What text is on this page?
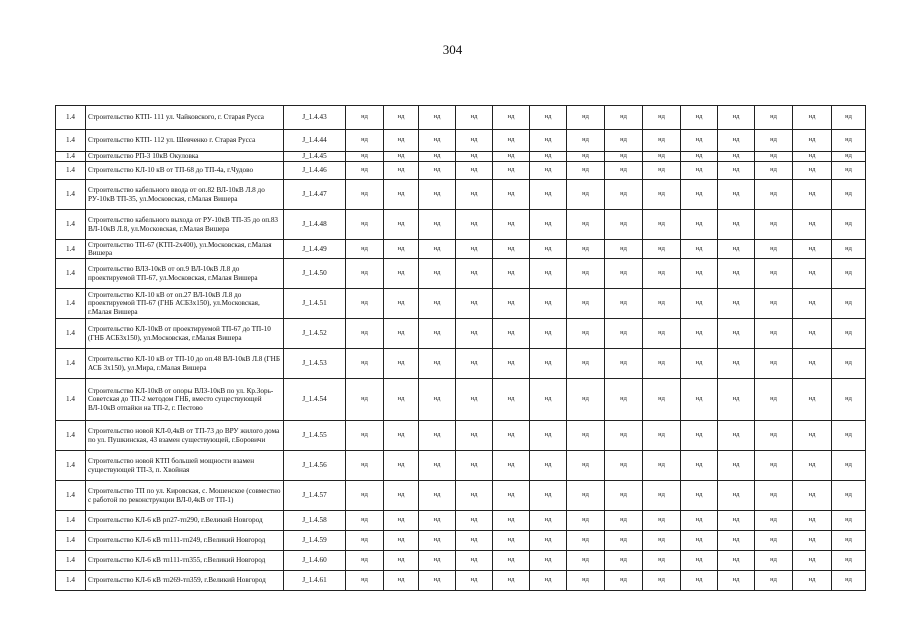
304
1.4	Строительство КТП- 111 ул. Чайковского, г. Старая Русса	J_1.4.43	нд	нд	нд	нд	нд	нд	нд	нд	нд	нд	нд	нд	нд	нд
1.4	Строительство КТП- 112 ул. Шевченко г. Старая Русса	J_1.4.44	нд	нд	нд	нд	нд	нд	нд	нд	нд	нд	нд	нд	нд	нд
1.4	Строительство РП-3 10кВ Окуловка	J_1.4.45	нд	нд	нд	нд	нд	нд	нд	нд	нд	нд	нд	нд	нд	нд
1.4	Строительство КЛ-10 кВ от ТП-68 до ТП-4а, г.Чудово	J_1.4.46	нд	нд	нд	нд	нд	нд	нд	нд	нд	нд	нд	нд	нд	нд
1.4	Строительство кабельного ввода от оп.82 ВЛ-10кВ Л.8 до РУ-10кВ ТП-35, ул.Московская, г.Малая Вишера	J_1.4.47	нд	нд	нд	нд	нд	нд	нд	нд	нд	нд	нд	нд	нд	нд
1.4	Строительство кабельного выхода от РУ-10кВ ТП-35 до оп.83 ВЛ-10кВ Л.8, ул.Московская, г.Малая Вишера	J_1.4.48	нд	нд	нд	нд	нд	нд	нд	нд	нд	нд	нд	нд	нд	нд
1.4	Строительство ТП-67 (КТП-2х400), ул.Московская, г.Малая Вишера	J_1.4.49	нд	нд	нд	нд	нд	нд	нд	нд	нд	нд	нд	нд	нд	нд
1.4	Строительство ВЛЗ-10кВ от оп.9 ВЛ-10кВ Л.8 до проектируемой ТП-67, ул.Московская, г.Малая Вишера	J_1.4.50	нд	нд	нд	нд	нд	нд	нд	нд	нд	нд	нд	нд	нд	нд
1.4	Строительство КЛ-10 кВ от оп.27 ВЛ-10кВ Л.8 до проектируемой ТП-67 (ГНБ АСБ3х150), ул.Московская, г.Малая Вишера	J_1.4.51	нд	нд	нд	нд	нд	нд	нд	нд	нд	нд	нд	нд	нд	нд
1.4	Строительство КЛ-10кВ от проектируемой ТП-67 до ТП-10 (ГНБ АСБ3х150), ул.Московская, г.Малая Вишера	J_1.4.52	нд	нд	нд	нд	нд	нд	нд	нд	нд	нд	нд	нд	нд	нд
1.4	Строительство КЛ-10 кВ от ТП-10 до оп.48 ВЛ-10кВ Л.8 (ГНБ АСБ 3х150), ул.Мира, г.Малая Вишера	J_1.4.53	нд	нд	нд	нд	нд	нд	нд	нд	нд	нд	нд	нд	нд	нд
1.4	Строительство КЛ-10кВ от опоры ВЛЗ-10кВ по ул. Кр.Зорь-Советская до ТП-2 методом ГНБ, вместо существующей ВЛ-10кВ отпайки на ТП-2, г. Пестово	J_1.4.54	нд	нд	нд	нд	нд	нд	нд	нд	нд	нд	нд	нд	нд	нд
1.4	Строительство новой КЛ-0,4кВ от ТП-73 до ВРУ жилого дома по ул. Пушкинская, 43 взамен существующей, г.Боровичи	J_1.4.55	нд	нд	нд	нд	нд	нд	нд	нд	нд	нд	нд	нд	нд	нд
1.4	Строительство новой КТП большей мощности взамен существующей ТП-3, п. Хвойная	J_1.4.56	нд	нд	нд	нд	нд	нд	нд	нд	нд	нд	нд	нд	нд	нд
1.4	Строительство ТП по ул. Кировская, с. Мошенское (совместно с работой по реконструкции ВЛ-0,4кВ от ТП-1)	J_1.4.57	нд	нд	нд	нд	нд	нд	нд	нд	нд	нд	нд	нд	нд	нд
1.4	Строительство КЛ-6 кВ рп27-тп290, г.Великий Новгород	J_1.4.58	нд	нд	нд	нд	нд	нд	нд	нд	нд	нд	нд	нд	нд	нд
1.4	Строительство КЛ-6 кВ тп111-тп249, г.Великий Новгород	J_1.4.59	нд	нд	нд	нд	нд	нд	нд	нд	нд	нд	нд	нд	нд	нд
1.4	Строительство КЛ-6 кВ тп111-тп355, г.Великий Новгород	J_1.4.60	нд	нд	нд	нд	нд	нд	нд	нд	нд	нд	нд	нд	нд	нд
1.4	Строительство КЛ-6 кВ тп269-тп359, г.Великий Новгород	J_1.4.61	нд	нд	нд	нд	нд	нд	нд	нд	нд	нд	нд	нд	нд	нд
